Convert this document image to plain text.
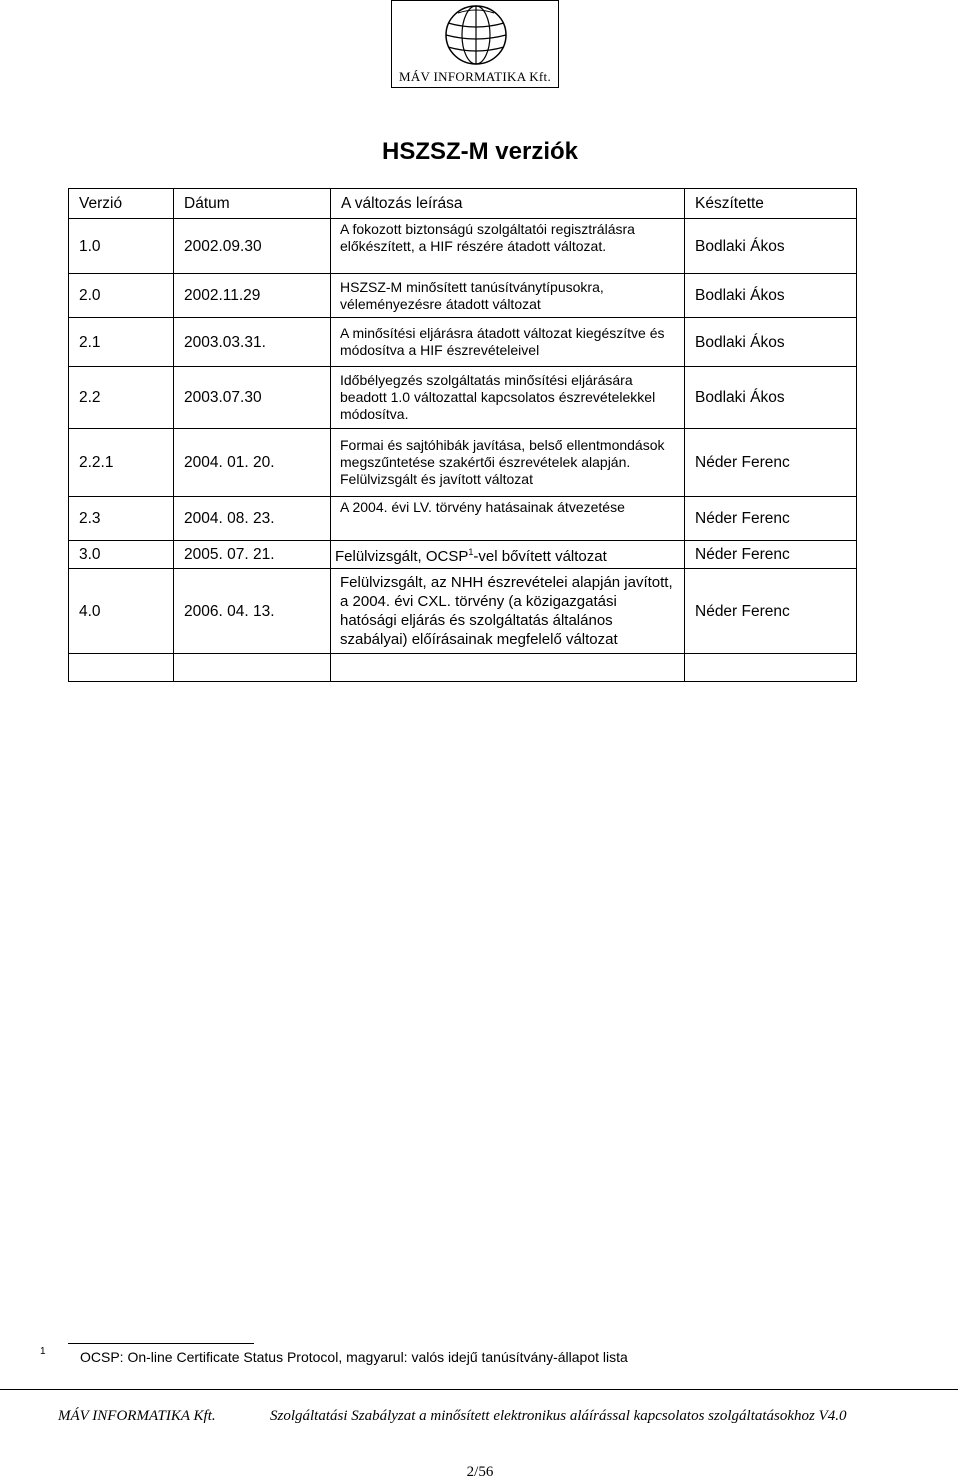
MÁV INFORMATIKA Kft.
HSZSZ-M verziók
Verzió	Dátum	A változás leírása	Készítette
1.0	2002.09.30	A fokozott biztonságú szolgáltatói regisztrálásra előkészített, a HIF részére átadott változat.	Bodlaki Ákos
2.0	2002.11.29	HSZSZ-M minősített tanúsítványtípusokra, véleményezésre átadott változat	Bodlaki Ákos
2.1	2003.03.31.	A minősítési eljárásra átadott változat kiegészítve és módosítva a HIF észrevételeivel	Bodlaki Ákos
2.2	2003.07.30	Időbélyegzés szolgáltatás minősítési eljárására beadott 1.0 változattal kapcsolatos észrevételekkel módosítva.	Bodlaki Ákos
2.2.1	2004. 01. 20.	Formai és sajtóhibák javítása, belső ellentmondások megszűntetése szakértői észrevételek alapján. Felülvizsgált és javított változat	Néder Ferenc
2.3	2004. 08. 23.	A 2004. évi LV. törvény hatásainak átvezetése	Néder Ferenc
3.0	2005. 07. 21.	Felülvizsgált, OCSP$^1$-vel bővített változat	Néder Ferenc
4.0	2006. 04. 13.	Felülvizsgált, az NHH észrevételei alapján javított, a 2004. évi CXL. törvény (a közigazgatási hatósági eljárás és szolgáltatás általános szabályai) előírásainak megfelelő változat	Néder Ferenc

1 OCSP: On-line Certificate Status Protocol, magyarul: valós idejű tanúsítvány-állapot lista
MÁV INFORMATIKA Kft.	Szolgáltatási Szabályzat a minősített elektronikus aláírással kapcsolatos szolgáltatásokhoz V4.0
2/56
